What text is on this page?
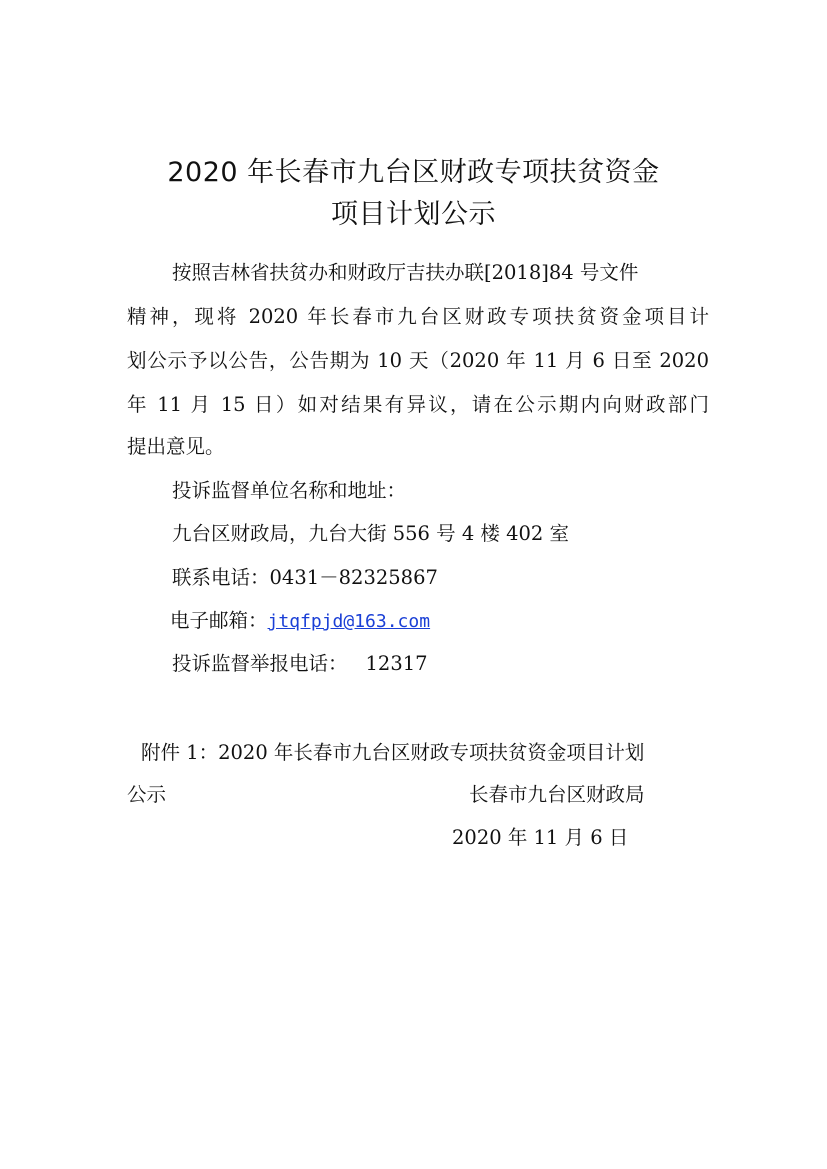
2020 年长春市九台区财政专项扶贫资金
项目计划公示
按照吉林省扶贫办和财政厅吉扶办联[2018]84 号文件
精神，现将 2020 年长春市九台区财政专项扶贫资金项目计
划公示予以公告，公告期为 10 天（2020 年 11 月 6 日至 2020
年 11 月 15 日）如对结果有异议，请在公示期内向财政部门
提出意见。
投诉监督单位名称和地址：
九台区财政局，九台大街 556 号 4 楼 402 室
联系电话：0431－82325867
电子邮箱：jtqfpjd@163.com
投诉监督举报电话： 12317
附件 1：2020 年长春市九台区财政专项扶贫资金项目计划
公示	长春市九台区财政局
2020 年 11 月 6 日
